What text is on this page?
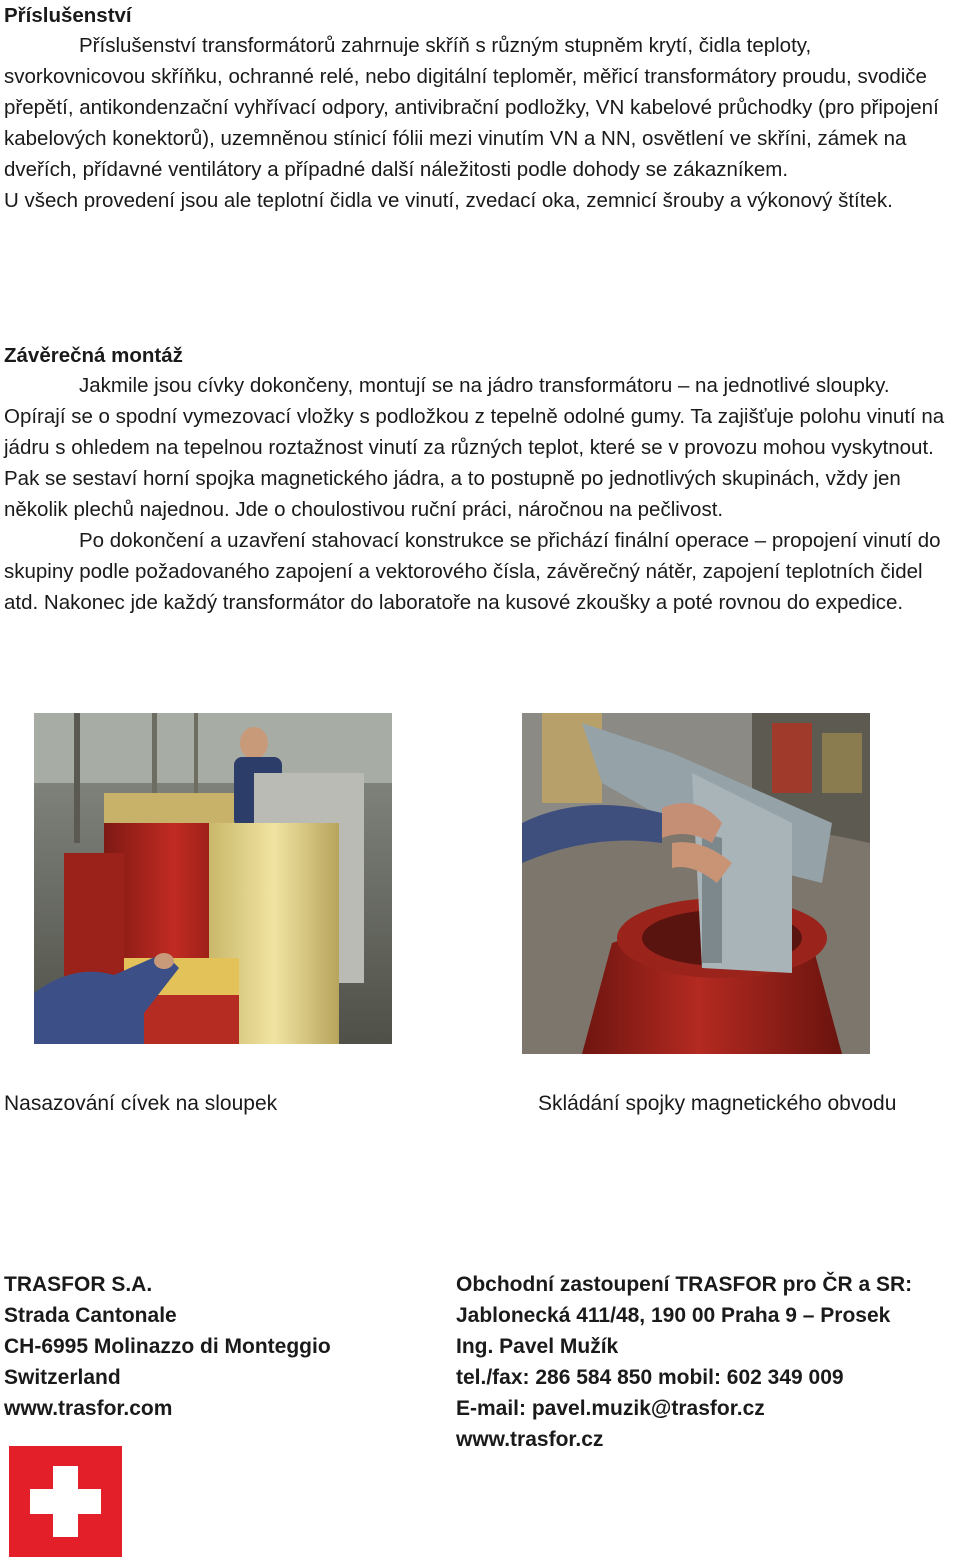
Příslušenství

Příslušenství transformátorů zahrnuje skříň s různým stupněm krytí, čidla teploty, svorkovnicovou skříňku, ochranné relé, nebo digitální teploměr, měřicí transformátory proudu, svodiče přepětí, antikondenzační vyhřívací odpory, antivibrační podložky, VN kabelové průchodky (pro připojení kabelových konektorů), uzemněnou stínicí fólii mezi vinutím VN a NN, osvětlení ve skříni, zámek na dveřích, přídavné ventilátory a případné další náležitosti podle dohody se zákazníkem.

U všech provedení jsou ale teplotní čidla ve vinutí, zvedací oka, zemnicí šrouby a výkonový štítek.

Závěrečná montáž

Jakmile jsou cívky dokončeny, montují se na jádro transformátoru – na jednotlivé sloupky. Opírají se o spodní vymezovací vložky s podložkou z tepelně odolné gumy. Ta zajišťuje polohu vinutí na jádru s ohledem na tepelnou roztažnost vinutí za různých teplot, které se v provozu mohou vyskytnout.

Pak se sestaví horní spojka magnetického jádra, a to postupně po jednotlivých skupinách, vždy jen několik plechů najednou. Jde o choulostivou ruční práci, náročnou na pečlivost.

Po dokončení a uzavření stahovací konstrukce se přichází finální operace – propojení vinutí do skupiny podle požadovaného zapojení a vektorového čísla, závěrečný nátěr, zapojení teplotních čidel atd. Nakonec jde každý transformátor do laboratoře na kusové zkoušky a poté rovnou do expedice.

Nasazování cívek na sloupek	Skládání spojky magnetického obvodu
TRASFOR S.A.
Strada Cantonale
CH-6995 Molinazzo di Monteggio
Switzerland
www.trasfor.com
Obchodní zastoupení TRASFOR pro ČR a SR:
Jablonecká 411/48, 190 00 Praha 9 – Prosek
Ing. Pavel Mužík
tel./fax: 286 584 850 mobil: 602 349 009
E-mail: pavel.muzik@trasfor.cz
www.trasfor.cz
